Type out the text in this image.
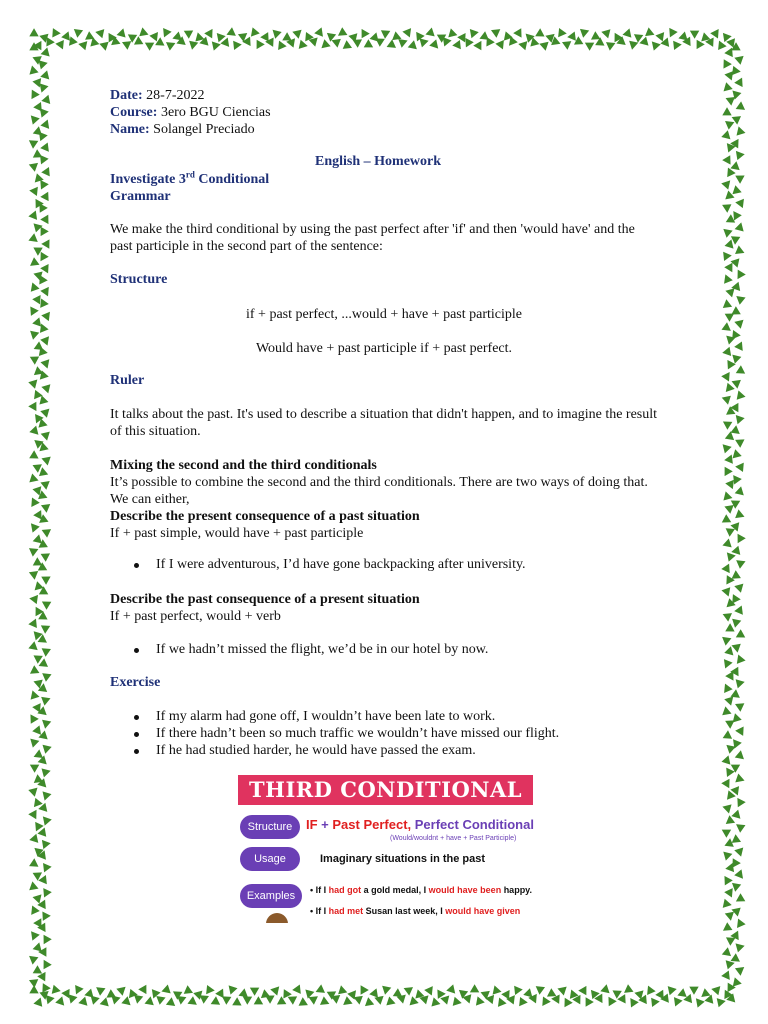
Date: 28-7-2022
Course: 3ero BGU Ciencias
Name: Solangel Preciado
English – Homework
Investigate 3rd Conditional
Grammar
We make the third conditional by using the past perfect after 'if' and then 'would have' and the past participle in the second part of the sentence:
Structure
if + past perfect, ...would + have + past participle
Would have + past participle if + past perfect.
Ruler
It talks about the past. It's used to describe a situation that didn't happen, and to imagine the result of this situation.
Mixing the second and the third conditionals
It’s possible to combine the second and the third conditionals. There are two ways of doing that. We can either,
Describe the present consequence of a past situation
If + past simple, would have + past participle
If I were adventurous, I’d have gone backpacking after university.
Describe the past consequence of a present situation
If + past perfect, would + verb
If we hadn’t missed the flight, we’d be in our hotel by now.
Exercise
If my alarm had gone off, I wouldn’t have been late to work.
If there hadn’t been so much traffic we wouldn’t have missed our flight.
If he had studied harder, he would have passed the exam.
THIRD CONDITIONAL
Structure	IF + Past Perfect, Perfect Conditional
(Would/wouldnt + have + Past Participle)
Usage	Imaginary situations in the past
Examples	• If I had got a gold medal, I would have been happy.
• If I had met Susan last week, I would have given
